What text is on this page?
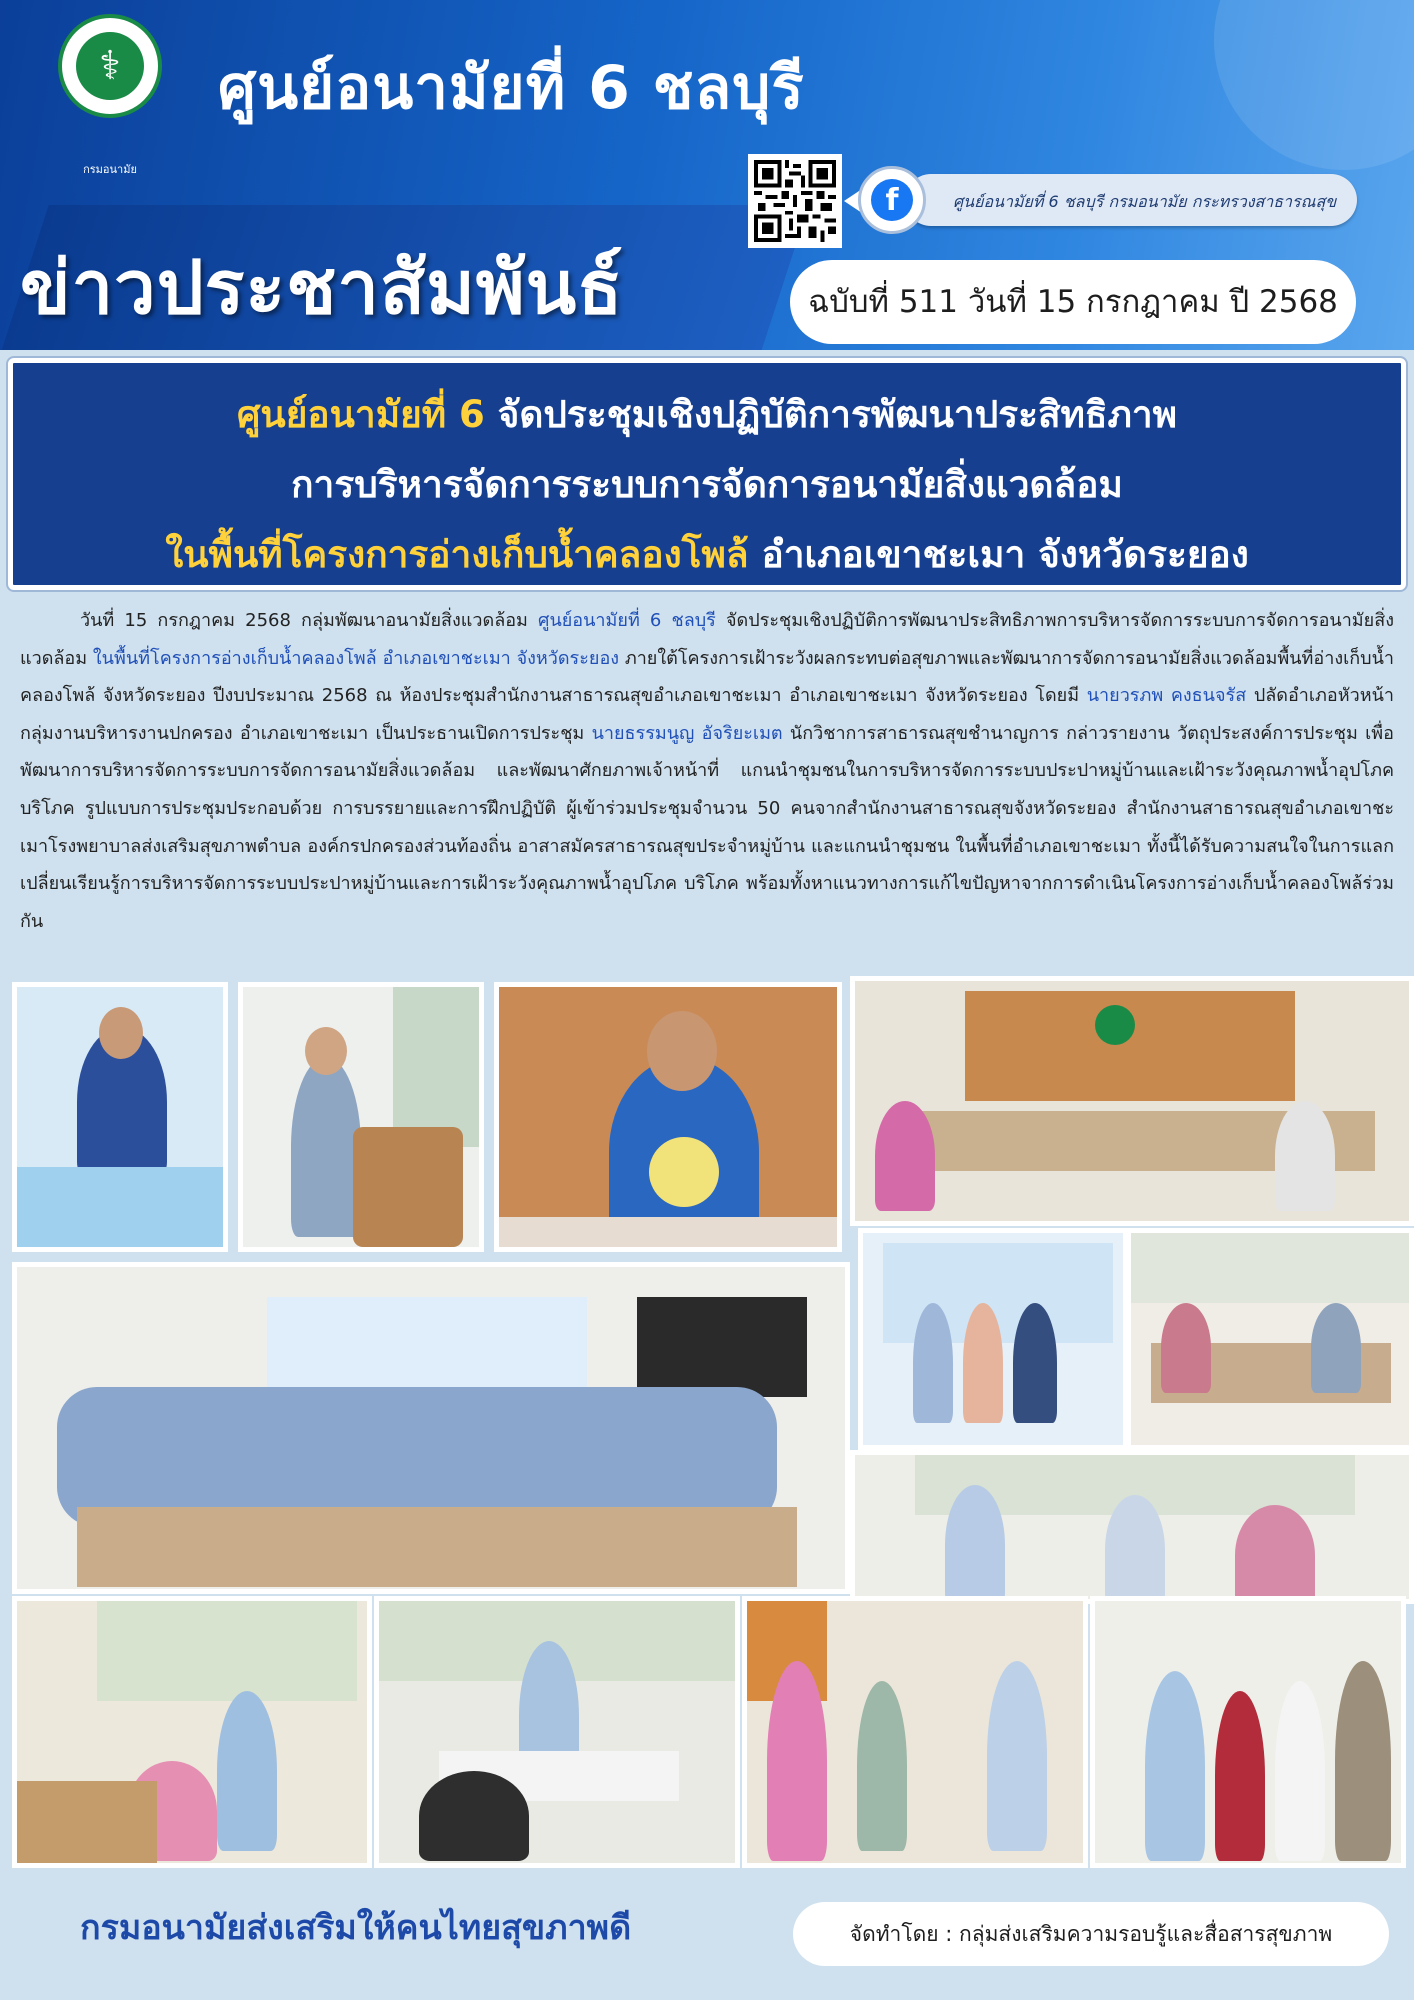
⚕
กรมอนามัย
ศูนย์อนามัยที่ 6 ชลบุรี
ศูนย์อนามัยที่ 6 ชลบุรี กรมอนามัย กระทรวงสาธารณสุข
f
ข่าวประชาสัมพันธ์	ฉบับที่ 511 วันที่ 15 กรกฎาคม ปี 2568
ศูนย์อนามัยที่ 6 จัดประชุมเชิงปฏิบัติการพัฒนาประสิทธิภาพ
การบริหารจัดการระบบการจัดการอนามัยสิ่งแวดล้อม
ในพื้นที่โครงการอ่างเก็บน้ำคลองโพล้ อำเภอเขาชะเมา จังหวัดระยอง
วันที่ 15 กรกฎาคม 2568 กลุ่มพัฒนาอนามัยสิ่งแวดล้อม ศูนย์อนามัยที่ 6 ชลบุรี จัดประชุมเชิงปฏิบัติการพัฒนาประสิทธิภาพการบริหารจัดการระบบการจัดการอนามัยสิ่งแวดล้อม ในพื้นที่โครงการอ่างเก็บน้ำคลองโพล้ อำเภอเขาชะเมา จังหวัดระยอง ภายใต้โครงการเฝ้าระวังผลกระทบต่อสุขภาพและพัฒนาการจัดการอนามัยสิ่งแวดล้อมพื้นที่อ่างเก็บน้ำคลองโพล้ จังหวัดระยอง ปีงบประมาณ 2568 ณ ห้องประชุมสำนักงานสาธารณสุขอำเภอเขาชะเมา อำเภอเขาชะเมา จังหวัดระยอง โดยมี นายวรภพ คงธนจรัส ปลัดอำเภอหัวหน้ากลุ่มงานบริหารงานปกครอง อำเภอเขาชะเมา เป็นประธานเปิดการประชุม นายธรรมนูญ อัจริยะเมต นักวิชาการสาธารณสุขชำนาญการ กล่าวรายงาน วัตถุประสงค์การประชุม เพื่อพัฒนาการบริหารจัดการระบบการจัดการอนามัยสิ่งแวดล้อม และพัฒนาศักยภาพเจ้าหน้าที่ แกนนำชุมชนในการบริหารจัดการระบบประปาหมู่บ้านและเฝ้าระวังคุณภาพน้ำอุปโภค บริโภค รูปแบบการประชุมประกอบด้วย การบรรยายและการฝึกปฏิบัติ ผู้เข้าร่วมประชุมจำนวน 50 คนจากสำนักงานสาธารณสุขจังหวัดระยอง สำนักงานสาธารณสุขอำเภอเขาชะเมาโรงพยาบาลส่งเสริมสุขภาพตำบล องค์กรปกครองส่วนท้องถิ่น อาสาสมัครสาธารณสุขประจำหมู่บ้าน และแกนนำชุมชน ในพื้นที่อำเภอเขาชะเมา ทั้งนี้ได้รับความสนใจในการแลกเปลี่ยนเรียนรู้การบริหารจัดการระบบประปาหมู่บ้านและการเฝ้าระวังคุณภาพน้ำอุปโภค บริโภค พร้อมทั้งหาแนวทางการแก้ไขปัญหาจากการดำเนินโครงการอ่างเก็บน้ำคลองโพล้ร่วมกัน
กรมอนามัยส่งเสริมให้คนไทยสุขภาพดี	จัดทำโดย : กลุ่มส่งเสริมความรอบรู้และสื่อสารสุขภาพ
